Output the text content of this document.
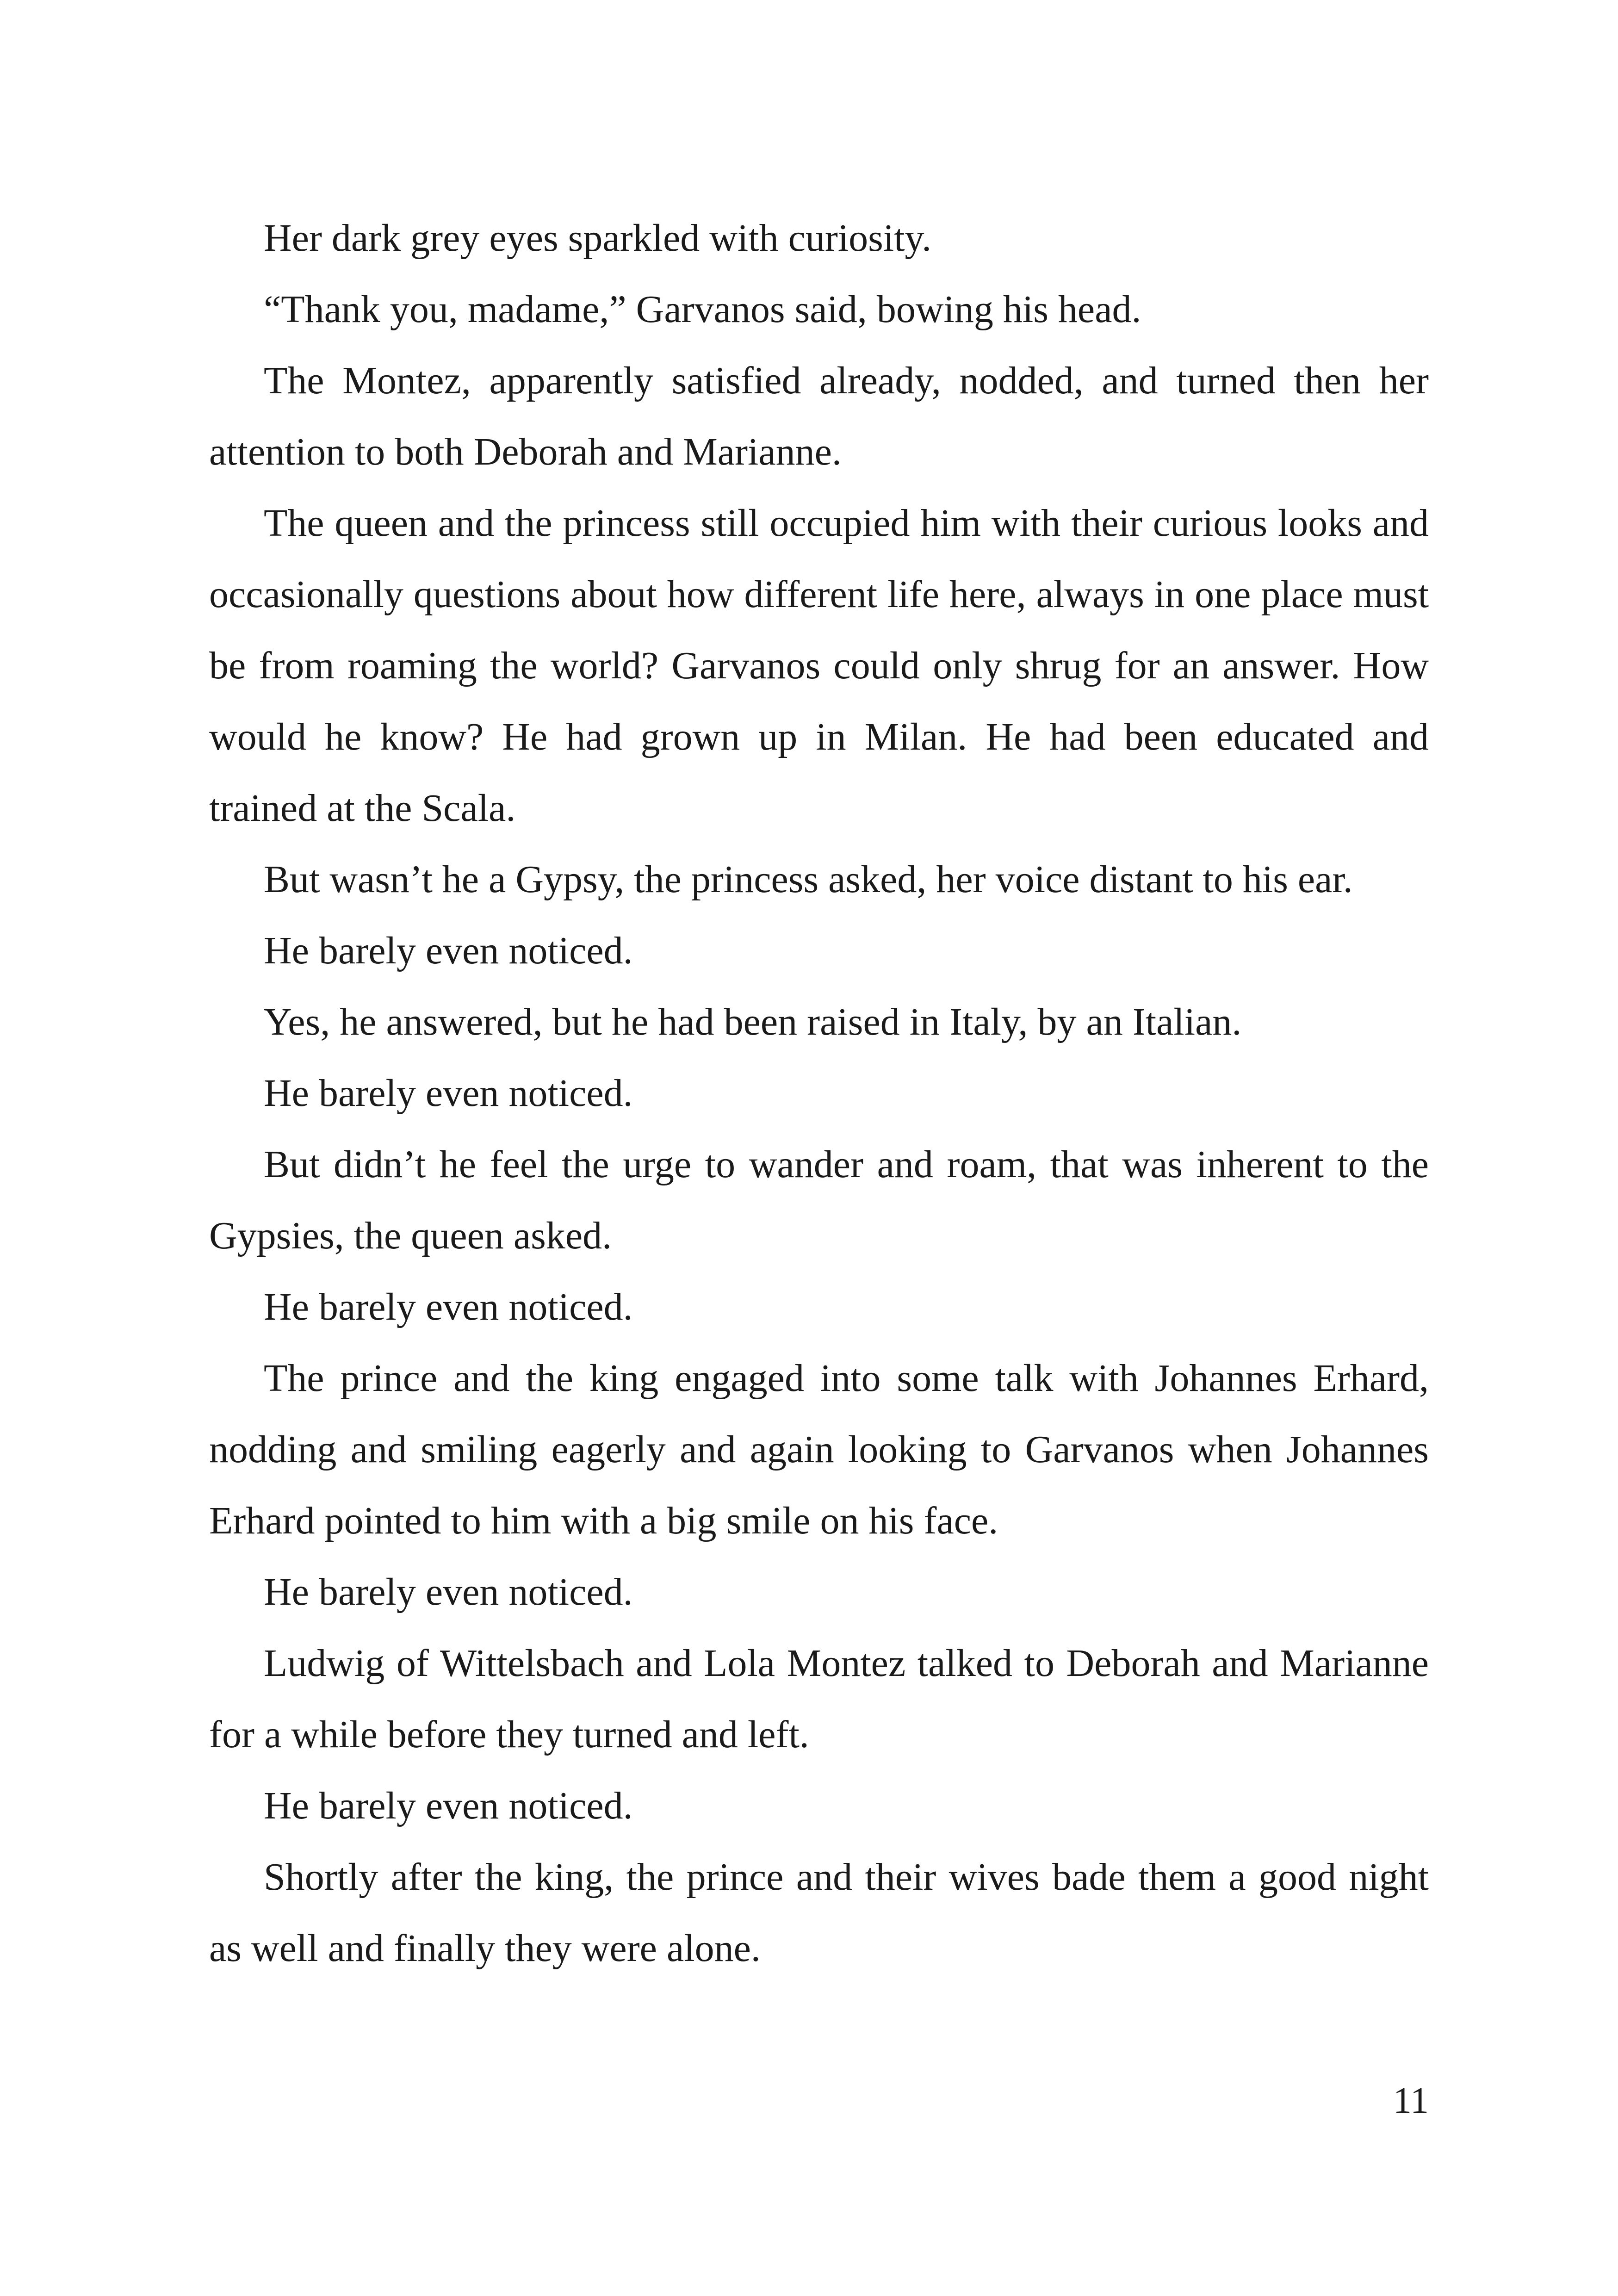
Her dark grey eyes sparkled with curiosity.

“Thank you, madame,” Garvanos said, bowing his head.

The Montez, apparently satisfied already, nodded, and turned then her attention to both Deborah and Marianne.

The queen and the princess still occupied him with their curious looks and occasionally questions about how different life here, always in one place must be from roaming the world? Garvanos could only shrug for an answer. How would he know? He had grown up in Milan. He had been educated and trained at the Scala.

But wasn’t he a Gypsy, the princess asked, her voice distant to his ear.

He barely even noticed.

Yes, he answered, but he had been raised in Italy, by an Italian.

He barely even noticed.

But didn’t he feel the urge to wander and roam, that was inherent to the Gypsies, the queen asked.

He barely even noticed.

The prince and the king engaged into some talk with Johannes Erhard, nodding and smiling eagerly and again looking to Garvanos when Johannes Erhard pointed to him with a big smile on his face.

He barely even noticed.

Ludwig of Wittelsbach and Lola Montez talked to Deborah and Marianne for a while before they turned and left.

He barely even noticed.

Shortly after the king, the prince and their wives bade them a good night as well and finally they were alone.

11
